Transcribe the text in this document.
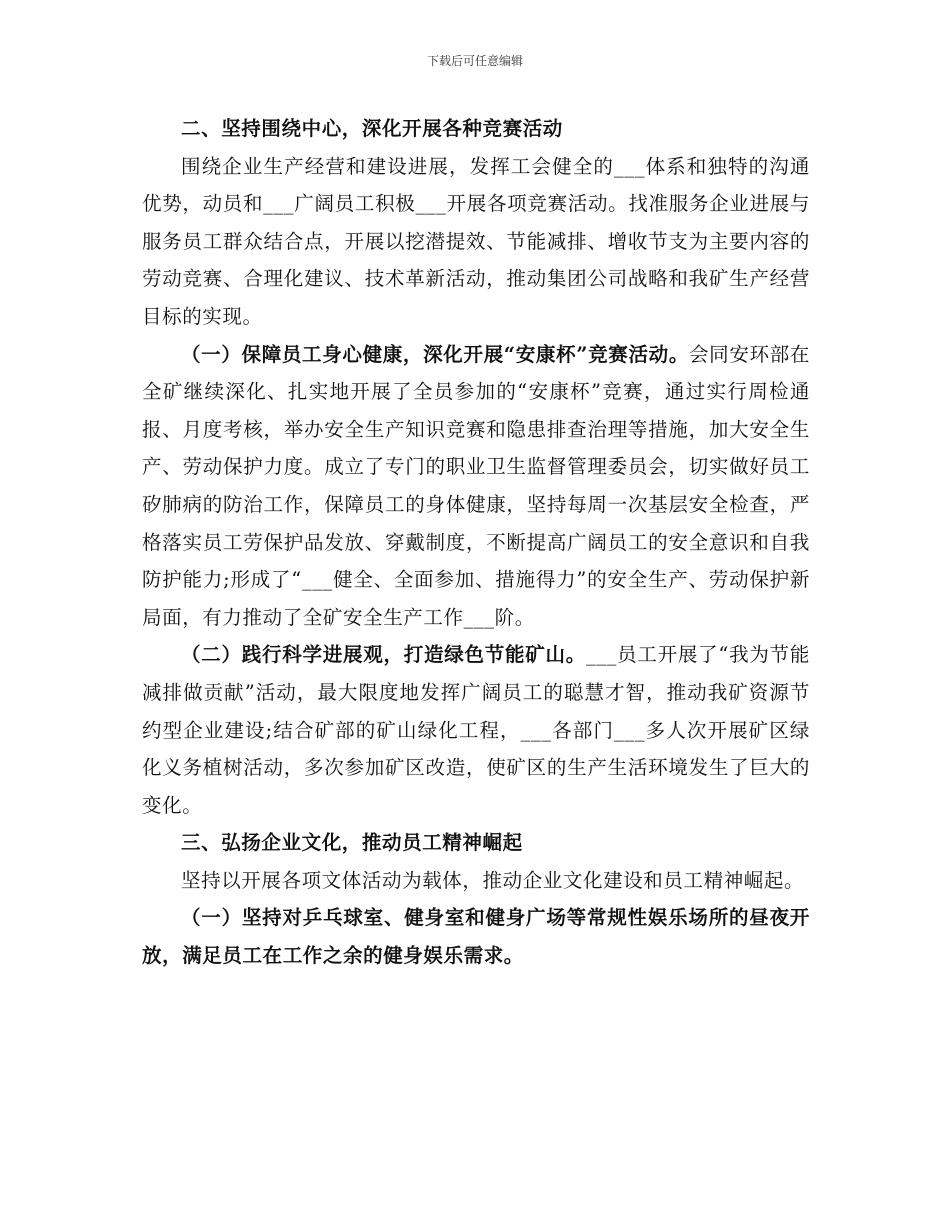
下载后可任意编辑

二、坚持围绕中心，深化开展各种竞赛活动

围绕企业生产经营和建设进展，发挥工会健全的___体系和独特的沟通优势，动员和___广阔员工积极___开展各项竞赛活动。找准服务企业进展与服务员工群众结合点，开展以挖潜提效、节能减排、增收节支为主要内容的劳动竞赛、合理化建议、技术革新活动，推动集团公司战略和我矿生产经营目标的实现。

（一）保障员工身心健康，深化开展“安康杯”竞赛活动。会同安环部在全矿继续深化、扎实地开展了全员参加的“安康杯”竞赛，通过实行周检通报、月度考核，举办安全生产知识竞赛和隐患排查治理等措施，加大安全生产、劳动保护力度。成立了专门的职业卫生监督管理委员会，切实做好员工矽肺病的防治工作，保障员工的身体健康，坚持每周一次基层安全检查，严格落实员工劳保护品发放、穿戴制度，不断提高广阔员工的安全意识和自我防护能力;形成了“___健全、全面参加、措施得力”的安全生产、劳动保护新局面，有力推动了全矿安全生产工作___阶。

（二）践行科学进展观，打造绿色节能矿山。___员工开展了“我为节能减排做贡献”活动，最大限度地发挥广阔员工的聪慧才智，推动我矿资源节约型企业建设;结合矿部的矿山绿化工程，___各部门___多人次开展矿区绿化义务植树活动，多次参加矿区改造，使矿区的生产生活环境发生了巨大的变化。

三、弘扬企业文化，推动员工精神崛起

坚持以开展各项文体活动为载体，推动企业文化建设和员工精神崛起。

（一）坚持对乒乓球室、健身室和健身广场等常规性娱乐场所的昼夜开放，满足员工在工作之余的健身娱乐需求。
